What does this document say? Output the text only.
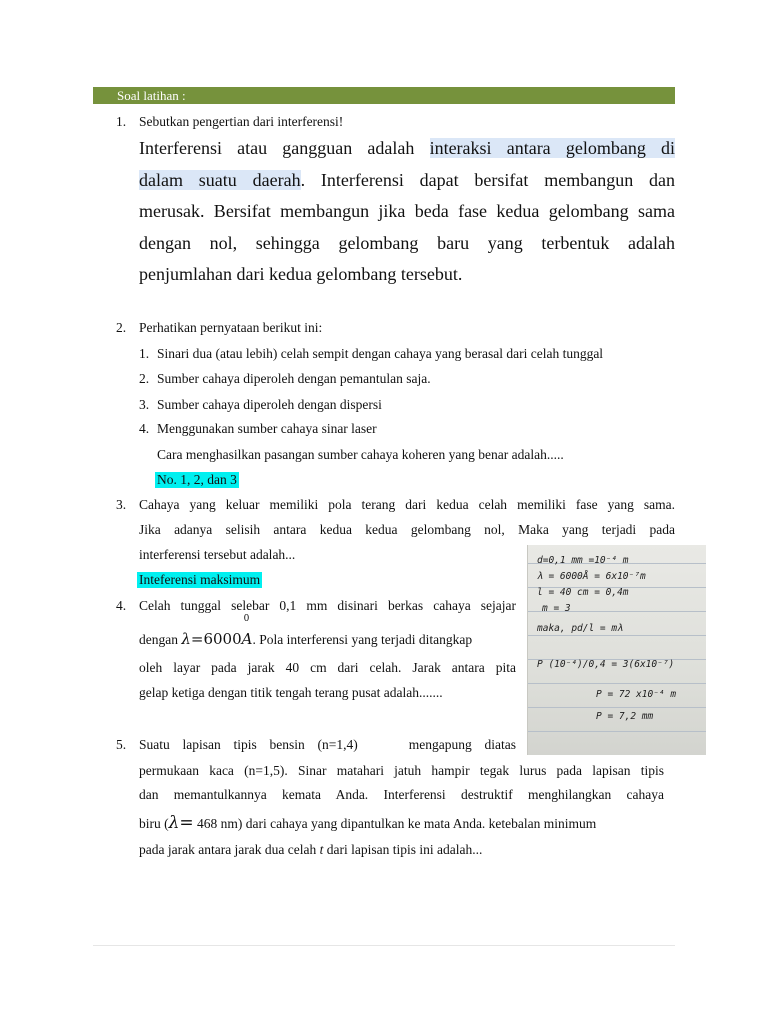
Soal latihan :
1. Sebutkan pengertian dari interferensi!
Interferensi atau gangguan adalah interaksi antara gelombang di
dalam suatu daerah. Interferensi dapat bersifat membangun dan
merusak. Bersifat membangun jika beda fase kedua gelombang sama
dengan nol, sehingga gelombang baru yang terbentuk adalah
penjumlahan dari kedua gelombang tersebut.
2. Perhatikan pernyataan berikut ini:
1. Sinari dua (atau lebih) celah sempit dengan cahaya yang berasal dari celah tunggal
2. Sumber cahaya diperoleh dengan pemantulan saja.
3. Sumber cahaya diperoleh dengan dispersi
4. Menggunakan sumber cahaya sinar laser
Cara menghasilkan pasangan sumber cahaya koheren yang benar adalah.....
No. 1, 2, dan 3
3. Cahaya yang keluar memiliki pola terang dari kedua celah memiliki fase yang sama.
Jika adanya selisih antara kedua kedua gelombang nol, Maka yang terjadi pada
interferensi tersebut adalah...
Inteferensi maksimum
4. Celah tunggal selebar 0,1 mm disinari berkas cahaya sejajar
dengan λ=6000A
0
. Pola interferensi yang terjadi ditangkap
oleh layar pada jarak 40 cm dari celah. Jarak antara pita
gelap ketiga dengan titik tengah terang pusat adalah.......
d=0,1 mm =10⁻⁴ m
λ = 6000Å = 6x10⁻⁷m
l = 40 cm = 0,4m
m = 3
maka, pd/l = mλ
P (10⁻⁴)/0,4 = 3(6x10⁻⁷)
P = 72 x10⁻⁴ m
P = 7,2 mm
5. Suatu lapisan tipis bensin (n=1,4)    mengapung diatas
permukaan kaca (n=1,5). Sinar matahari jatuh hampir tegak lurus pada lapisan tipis
dan memantulkannya kemata Anda. Interferensi destruktif menghilangkan cahaya
biru (λ= 468 nm) dari cahaya yang dipantulkan ke mata Anda. ketebalan minimum
pada jarak antara jarak dua celah t dari lapisan tipis ini adalah...
